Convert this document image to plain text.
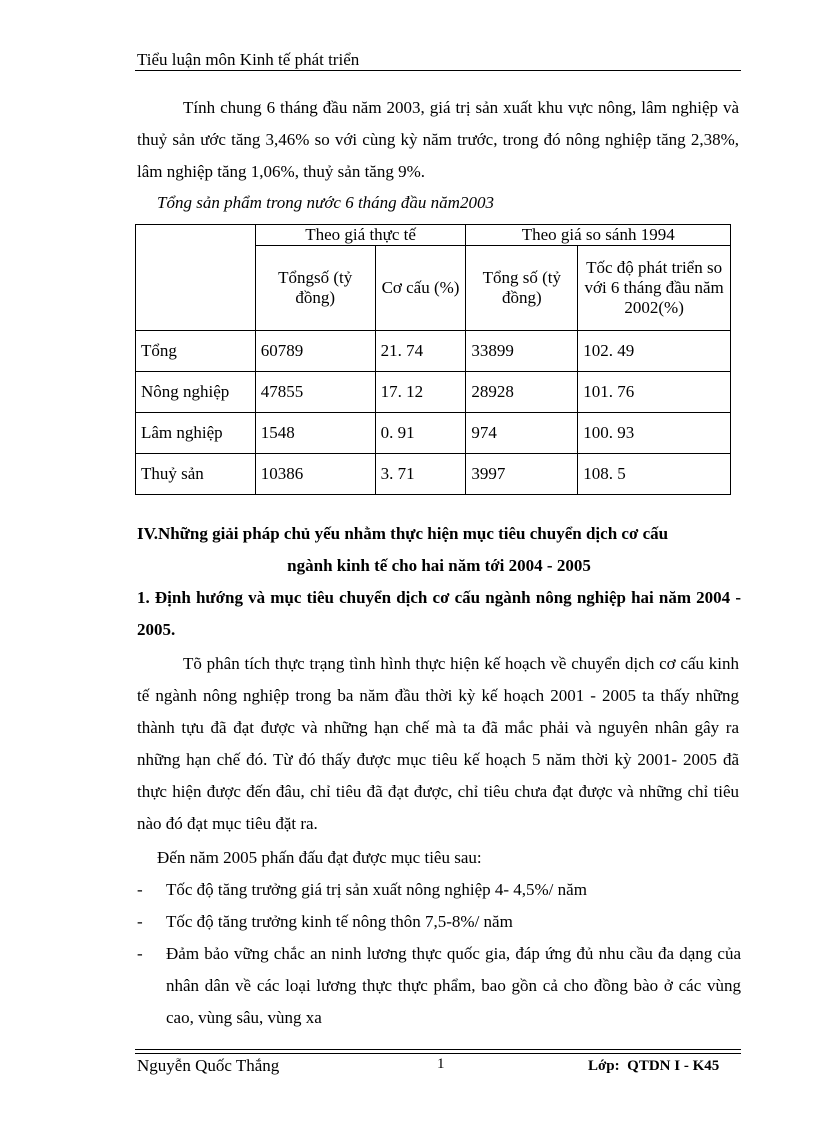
Tiểu luận môn Kinh tế phát triển
Tính chung 6 tháng đầu năm 2003, giá trị sản xuất khu vực nông, lâm nghiệp và thuỷ sản ước tăng 3,46% so với cùng kỳ năm trước, trong đó nông nghiệp tăng 2,38%, lâm nghiệp tăng 1,06%, thuỷ sản tăng 9%.
Tổng sản phẩm trong nước 6 tháng đầu năm2003
	Theo giá thực tế		Theo giá so sánh 1994	
	Tổngsố (tỷ đồng)	Cơ cấu (%)	Tổng số (tỷ đồng)	Tốc độ phát triển so với 6 tháng đầu năm 2002(%)
Tổng	60789	21. 74	33899	102. 49
Nông nghiệp	47855	17. 12	28928	101. 76
Lâm nghiệp	1548	0. 91	974	100. 93
Thuỷ sản	10386	3. 71	3997	108. 5
IV.Những giải pháp chủ yếu nhằm thực hiện mục tiêu chuyển dịch cơ cấu
ngành kinh tế cho hai năm tới 2004 - 2005
1. Định hướng và mục tiêu chuyển dịch cơ cấu ngành nông nghiệp hai năm 2004 - 2005.
Tõ phân tích thực trạng tình hình thực hiện kế hoạch về chuyển dịch cơ cấu kinh tế ngành nông nghiệp trong ba năm đầu thời kỳ kế hoạch 2001 - 2005 ta thấy những thành tựu đã đạt được và những hạn chế mà ta đã mắc phải và nguyên nhân gây ra những hạn chế đó. Từ đó thấy được mục tiêu kế hoạch 5 năm thời kỳ 2001- 2005 đã thực hiện được đến đâu, chỉ tiêu đã đạt được, chỉ tiêu chưa đạt được và những chỉ tiêu nào đó đạt mục tiêu đặt ra.
Đến năm 2005 phấn đấu đạt được mục tiêu sau:
-	Tốc độ tăng trưởng giá trị sản xuất nông nghiệp 4- 4,5%/ năm
-	Tốc độ tăng trưởng kinh tế nông thôn 7,5-8%/ năm
-	Đảm bảo vững chắc an ninh lương thực quốc gia, đáp ứng đủ nhu cầu đa dạng của nhân dân về các loại lương thực thực phẩm, bao gồn cả cho đồng bào ở các vùng cao, vùng sâu, vùng xa
Nguyễn Quốc Thắng	1	Lớp: QTDN I - K45
